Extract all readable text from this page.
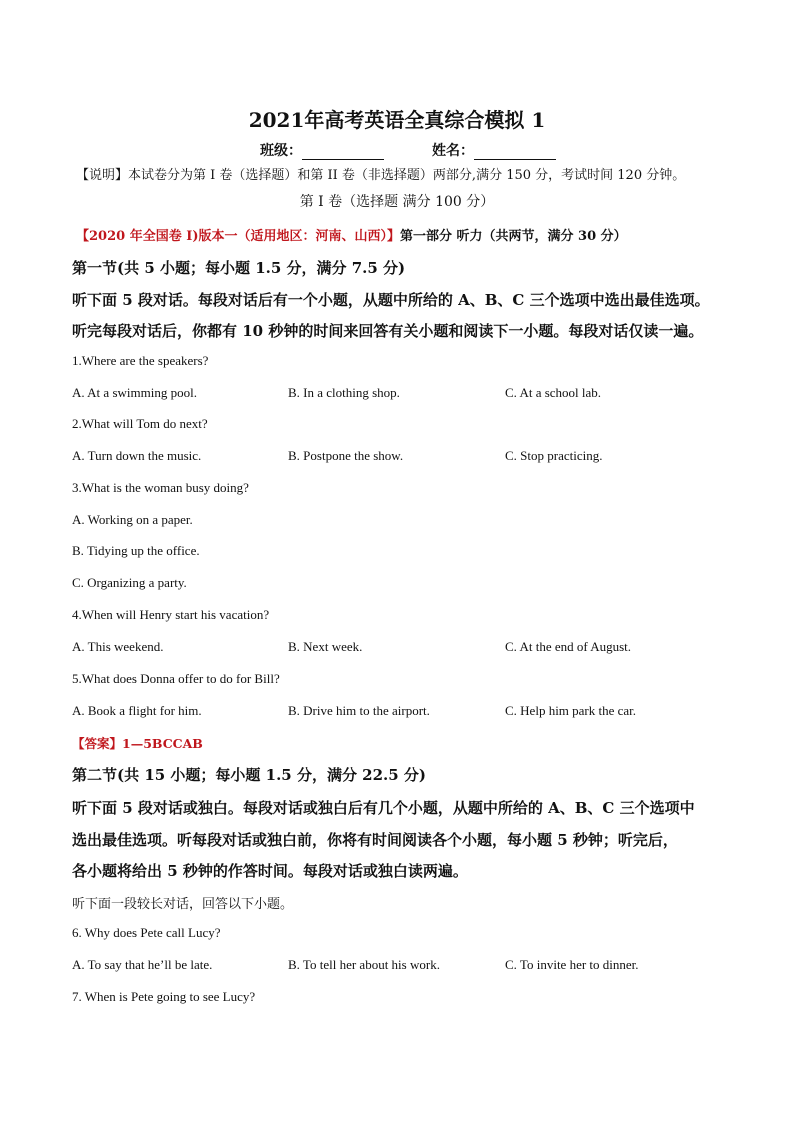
2021年高考英语全真综合模拟 1
班级：	姓名：
【说明】本试卷分为第 I 卷（选择题）和第 II 卷（非选择题）两部分,满分 150 分，考试时间 120 分钟。
第 I 卷（选择题 满分 100 分）
【2020 年全国卷 I)版本一（适用地区：河南、山西）】第一部分 听力（共两节，满分 30 分）
第一节(共 5 小题；每小题 1.5 分，满分 7.5 分)
听下面 5 段对话。每段对话后有一个小题，从题中所给的 A、B、C 三个选项中选出最佳选项。
听完每段对话后，你都有 10 秒钟的时间来回答有关小题和阅读下一小题。每段对话仅读一遍。
1.Where are the speakers?
A. At a swimming pool.	B. In a clothing shop.	C. At a school lab.
2.What will Tom do next?
A. Turn down the music.	B. Postpone the show.	C. Stop practicing.
3.What is the woman busy doing?
A. Working on a paper.
B. Tidying up the office.
C. Organizing a party.
4.When will Henry start his vacation?
A. This weekend.	B. Next week.	C. At the end of August.
5.What does Donna offer to do for Bill?
A. Book a flight for him.	B. Drive him to the airport.	C. Help him park the car.
【答案】1—5BCCAB
第二节(共 15 小题；每小题 1.5 分，满分 22.5 分)
听下面 5 段对话或独白。每段对话或独白后有几个小题，从题中所给的 A、B、C 三个选项中
选出最佳选项。听每段对话或独白前，你将有时间阅读各个小题，每小题 5 秒钟；听完后，
各小题将给出 5 秒钟的作答时间。每段对话或独白读两遍。
听下面一段较长对话，回答以下小题。
6. Why does Pete call Lucy?
A. To say that he’ll be late.	B. To tell her about his work.	C. To invite her to dinner.
7. When is Pete going to see Lucy?
